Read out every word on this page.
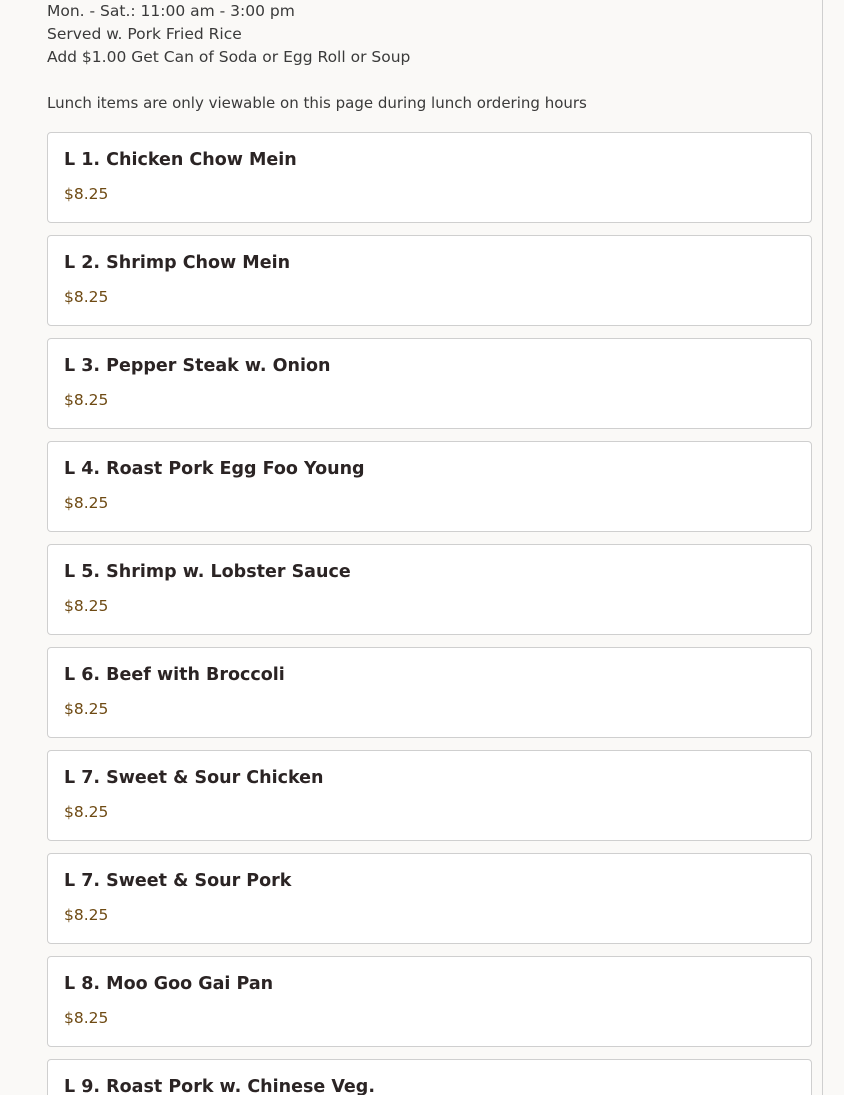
Mon. - Sat.: 11:00 am - 3:00 pm
Served w. Pork Fried Rice
Add $1.00 Get Can of Soda or Egg Roll or Soup
Lunch items are only viewable on this page during lunch ordering hours
L 1. Chicken Chow Mein
$8.25
L 2. Shrimp Chow Mein
$8.25
L 3. Pepper Steak w. Onion
$8.25
L 4. Roast Pork Egg Foo Young
$8.25
L 5. Shrimp w. Lobster Sauce
$8.25
L 6. Beef with Broccoli
$8.25
L 7. Sweet & Sour Chicken
$8.25
L 7. Sweet & Sour Pork
$8.25
L 8. Moo Goo Gai Pan
$8.25
L 9. Roast Pork w. Chinese Veg.
